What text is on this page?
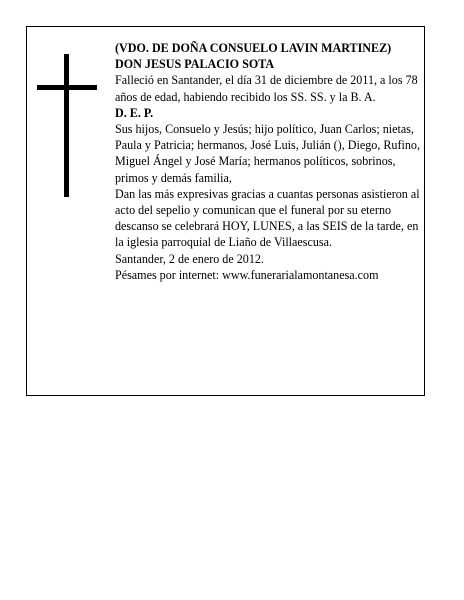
(VDO. DE DOÑA CONSUELO LAVIN MARTINEZ)

DON JESUS PALACIO SOTA

Falleció en Santander, el día 31 de diciembre de 2011, a los 78 años de edad, habiendo recibido los SS. SS. y la B. A.

D. E. P.

Sus hijos, Consuelo y Jesús; hijo político, Juan Carlos; nietas, Paula y Patricia; hermanos, José Luis, Julián (), Diego, Rufino, Miguel Ángel y José María; hermanos políticos, sobrinos, primos y demás familia,

Dan las más expresivas gracias a cuantas personas asistieron al acto del sepelio y comunican que el funeral por su eterno descanso se celebrará HOY, LUNES, a las SEIS de la tarde, en la iglesia parroquial de Liaño de Villaescusa.

Santander, 2 de enero de 2012.

Pésames por internet: www.funerarialamontanesa.com
